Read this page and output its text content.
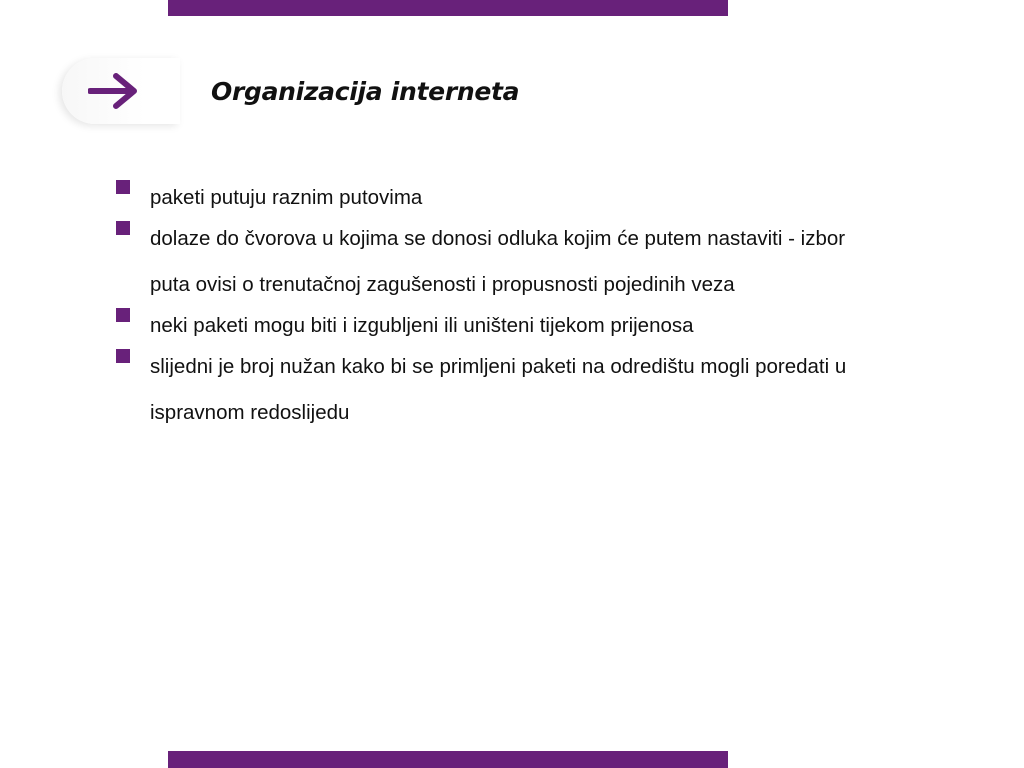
Organizacija interneta
paketi putuju raznim putovima
dolaze do čvorova u kojima se donosi odluka kojim će putem nastaviti - izbor puta ovisi o trenutačnoj zagušenosti i propusnosti pojedinih veza
neki paketi mogu biti i izgubljeni ili uništeni tijekom prijenosa
slijedni je broj nužan kako bi se primljeni paketi na odredištu mogli poredati u ispravnom redoslijedu
